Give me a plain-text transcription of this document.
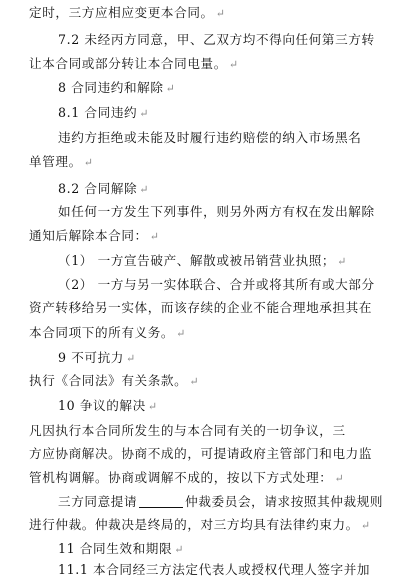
定时，三方应相应变更本合同。 ↵
7.2 未经丙方同意，甲、乙双方均不得向任何第三方转
让本合同或部分转让本合同电量。 ↵
8 合同违约和解除 ↵
8.1 合同违约 ↵
违约方拒绝或未能及时履行违约赔偿的纳入市场黑名
单管理。 ↵
8.2 合同解除 ↵
如任何一方发生下列事件，则另外两方有权在发出解除
通知后解除本合同： ↵
（1） 一方宣告破产、解散或被吊销营业执照； ↵
（2） 一方与另一实体联合、合并或将其所有或大部分
资产转移给另一实体，而该存续的企业不能合理地承担其在
本合同项下的所有义务。 ↵
9 不可抗力 ↵
执行《合同法》有关条款。 ↵
10 争议的解决 ↵
凡因执行本合同所发生的与本合同有关的一切争议，三
方应协商解决。协商不成的，可提请政府主管部门和电力监
管机构调解。协商或调解不成的，按以下方式处理： ↵
三方同意提请	仲裁委员会，请求按照其仲裁规则
进行仲裁。仲裁决是终局的，对三方均具有法律约束力。 ↵
11 合同生效和期限 ↵
11.1 本合同经三方法定代表人或授权代理人签字并加
